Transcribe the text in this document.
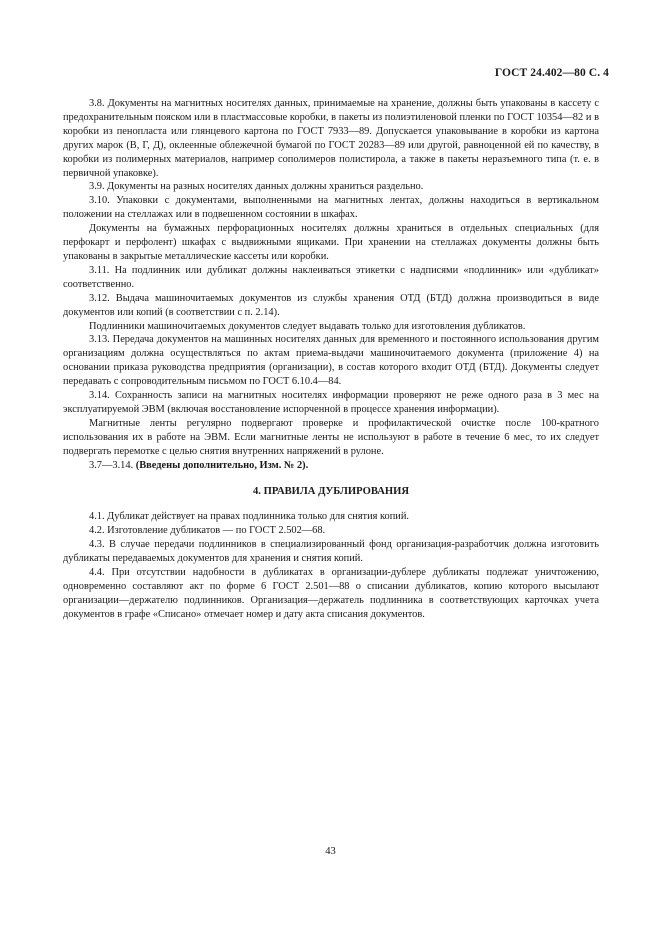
ГОСТ 24.402—80 С. 4

3.8. Документы на магнитных носителях данных, принимаемые на хранение, должны быть упакованы в кассету с предохранительным пояском или в пластмассовые коробки, в пакеты из полиэтиленовой пленки по ГОСТ 10354—82 и в коробки из пенопласта или глянцевого картона по ГОСТ 7933—89. Допускается упаковывание в коробки из картона других марок (В, Г, Д), оклеенные облежечной бумагой по ГОСТ 20283—89 или другой, равноценной ей по качеству, в коробки из полимерных материалов, например сополимеров полистирола, а также в пакеты неразъемного типа (т. е. в первичной упаковке).

3.9. Документы на разных носителях данных должны храниться раздельно.

3.10. Упаковки с документами, выполненными на магнитных лентах, должны находиться в вертикальном положении на стеллажах или в подвешенном состоянии в шкафах.

Документы на бумажных перфорационных носителях должны храниться в отдельных специальных (для перфокарт и перфолент) шкафах с выдвижными ящиками. При хранении на стеллажах документы должны быть упакованы в закрытые металлические кассеты или коробки.

3.11. На подлинник или дубликат должны наклеиваться этикетки с надписями «подлинник» или «дубликат» соответственно.

3.12. Выдача машиночитаемых документов из службы хранения ОТД (БТД) должна производиться в виде документов или копий (в соответствии с п. 2.14).

Подлинники машиночитаемых документов следует выдавать только для изготовления дубликатов.

3.13. Передача документов на машинных носителях данных для временного и постоянного использования другим организациям должна осуществляться по актам приема-выдачи машиночитаемого документа (приложение 4) на основании приказа руководства предприятия (организации), в состав которого входит ОТД (БТД). Документы следует передавать с сопроводительным письмом по ГОСТ 6.10.4—84.

3.14. Сохранность записи на магнитных носителях информации проверяют не реже одного раза в 3 мес на эксплуатируемой ЭВМ (включая восстановление испорченной в процессе хранения информации).

Магнитные ленты регулярно подвергают проверке и профилактической очистке после 100-кратного использования их в работе на ЭВМ. Если магнитные ленты не используют в работе в течение 6 мес, то их следует подвергать перемотке с целью снятия внутренних напряжений в рулоне.

3.7—3.14. (Введены дополнительно, Изм. № 2).

4. ПРАВИЛА ДУБЛИРОВАНИЯ

4.1. Дубликат действует на правах подлинника только для снятия копий.

4.2. Изготовление дубликатов — по ГОСТ 2.502—68.

4.3. В случае передачи подлинников в специализированный фонд организация-разработчик должна изготовить дубликаты передаваемых документов для хранения и снятия копий.

4.4. При отсутствии надобности в дубликатах в организации-дублере дубликаты подлежат уничтожению, одновременно составляют акт по форме 6 ГОСТ 2.501—88 о списании дубликатов, копию которого высылают организации—держателю подлинников. Организация—держатель подлинника в соответствующих карточках учета документов в графе «Списано» отмечает номер и дату акта списания документов.

43
